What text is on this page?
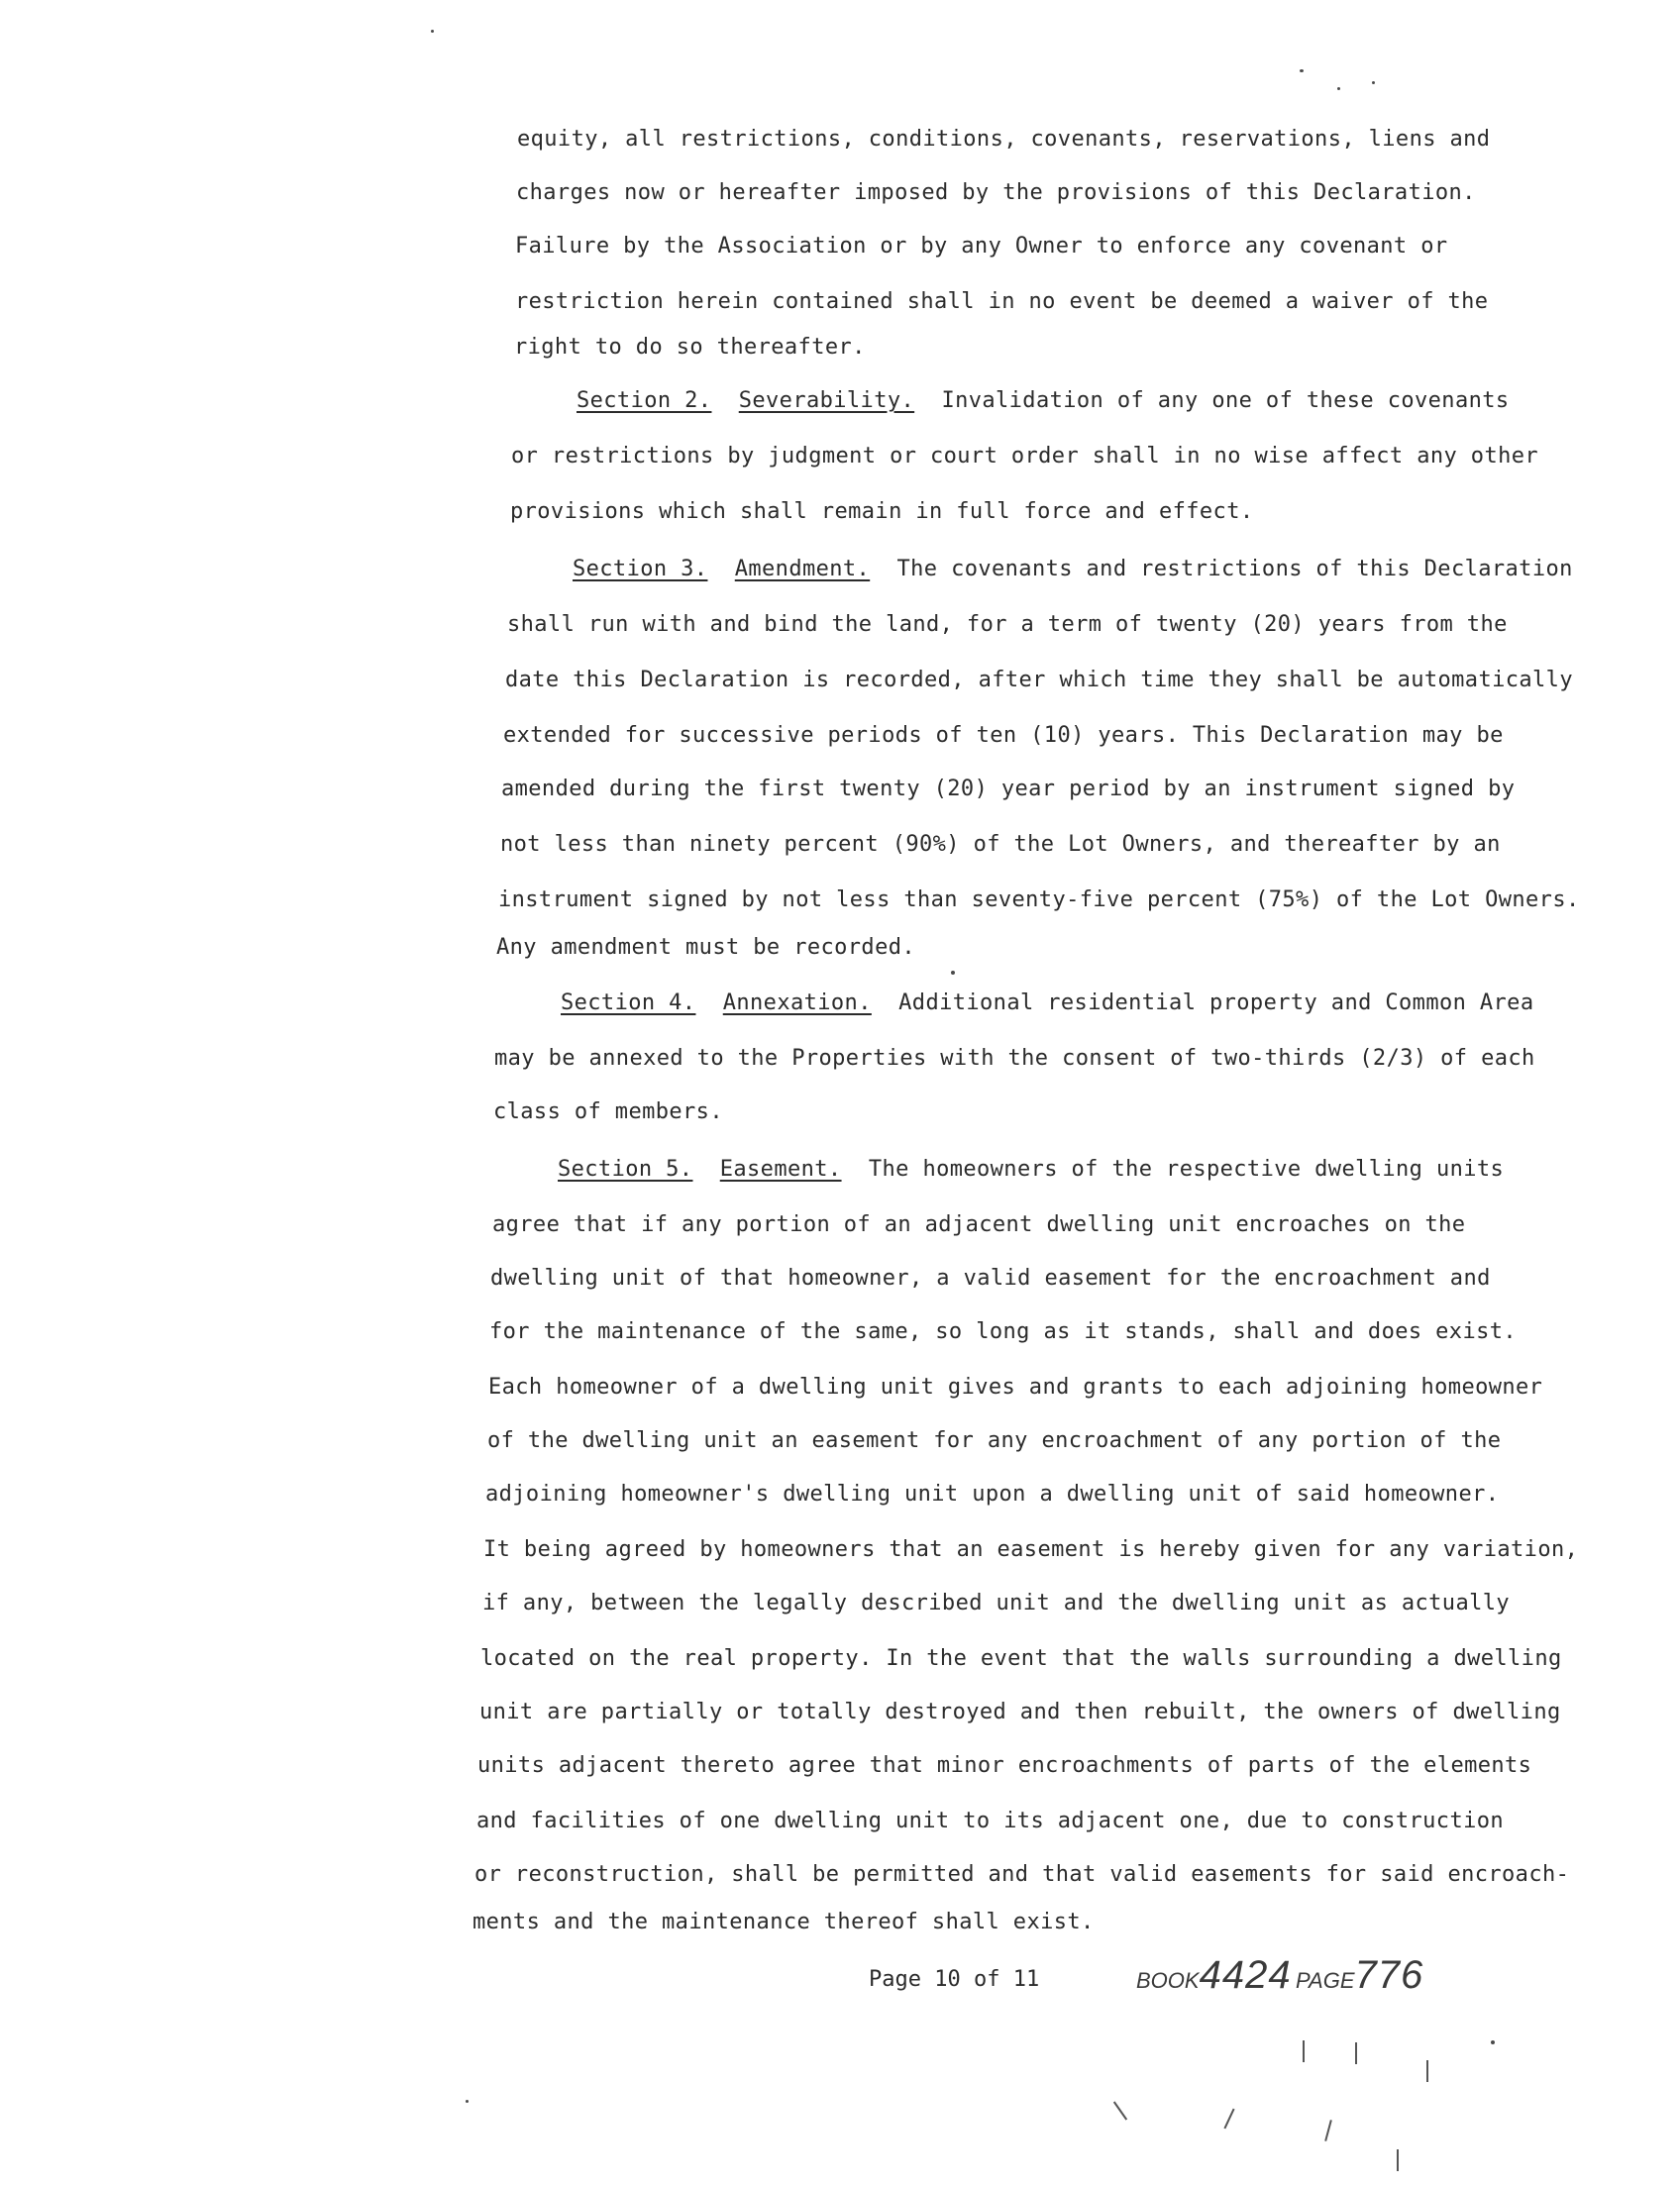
equity, all restrictions, conditions, covenants, reservations, liens and
charges now or hereafter imposed by the provisions of this Declaration.
Failure by the Association or by any Owner to enforce any covenant or
restriction herein contained shall in no event be deemed a waiver of the
right to do so thereafter.
Section 2. Severability. Invalidation of any one of these covenants
or restrictions by judgment or court order shall in no wise affect any other
provisions which shall remain in full force and effect.
Section 3. Amendment. The covenants and restrictions of this Declaration
shall run with and bind the land, for a term of twenty (20) years from the
date this Declaration is recorded, after which time they shall be automatically
extended for successive periods of ten (10) years. This Declaration may be
amended during the first twenty (20) year period by an instrument signed by
not less than ninety percent (90%) of the Lot Owners, and thereafter by an
instrument signed by not less than seventy-five percent (75%) of the Lot Owners.
Any amendment must be recorded.
Section 4. Annexation. Additional residential property and Common Area
may be annexed to the Properties with the consent of two-thirds (2/3) of each
class of members.
Section 5. Easement. The homeowners of the respective dwelling units
agree that if any portion of an adjacent dwelling unit encroaches on the
dwelling unit of that homeowner, a valid easement for the encroachment and
for the maintenance of the same, so long as it stands, shall and does exist.
Each homeowner of a dwelling unit gives and grants to each adjoining homeowner
of the dwelling unit an easement for any encroachment of any portion of the
adjoining homeowner's dwelling unit upon a dwelling unit of said homeowner.
It being agreed by homeowners that an easement is hereby given for any variation,
if any, between the legally described unit and the dwelling unit as actually
located on the real property. In the event that the walls surrounding a dwelling
unit are partially or totally destroyed and then rebuilt, the owners of dwelling
units adjacent thereto agree that minor encroachments of parts of the elements
and facilities of one dwelling unit to its adjacent one, due to construction
or reconstruction, shall be permitted and that valid easements for said encroach-
ments and the maintenance thereof shall exist.
Page 10 of 11	BOOK4424 PAGE776
